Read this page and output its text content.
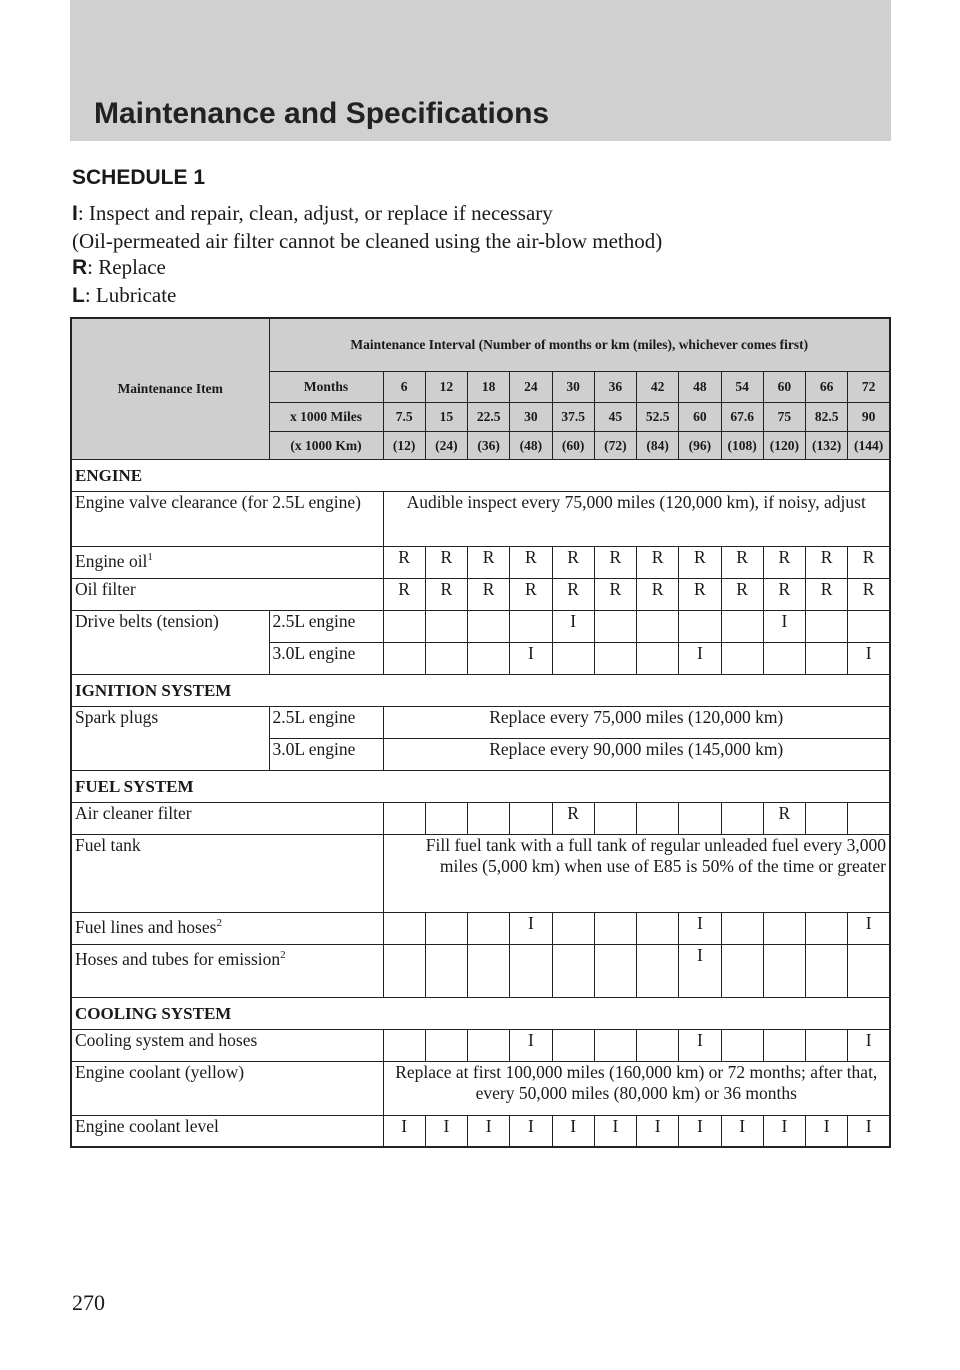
Maintenance and Specifications
SCHEDULE 1
I: Inspect and repair, clean, adjust, or replace if necessary
(Oil-permeated air filter cannot be cleaned using the air-blow method)
R: Replace
L: Lubricate
Maintenance Item	Maintenance Interval (Number of months or km (miles), whichever comes first)												
	Months	6	12	18	24	30	36	42	48	54	60	66	72
	x 1000 Miles	7.5	15	22.5	30	37.5	45	52.5	60	67.6	75	82.5	90
	(x 1000 Km)	(12)	(24)	(36)	(48)	(60)	(72)	(84)	(96)	(108)	(120)	(132)	(144)
ENGINE													
Engine valve clearance (for 2.5L engine)		Audible inspect every 75,000 miles (120,000 km), if noisy, adjust											
Engine oil$^1$		R	R	R	R	R	R	R	R	R	R	R	R
Oil filter		R	R	R	R	R	R	R	R	R	R	R	R
Drive belts (tension)	2.5L engine					I					I		
	3.0L engine				I				I				I
IGNITION SYSTEM													
Spark plugs	2.5L engine	Replace every 75,000 miles (120,000 km)											
	3.0L engine	Replace every 90,000 miles (145,000 km)											
FUEL SYSTEM													
Air cleaner filter						R					R		
Fuel tank		Fill fuel tank with a full tank of regular unleaded fuel every 3,000 miles (5,000 km) when use of E85 is 50% of the time or greater											
Fuel lines and hoses$^2$					I				I				I
Hoses and tubes for emission$^2$									I				
COOLING SYSTEM													
Cooling system and hoses					I				I				I
Engine coolant (yellow)		Replace at first 100,000 miles (160,000 km) or 72 months; after that, every 50,000 miles (80,000 km) or 36 months											
Engine coolant level		I	I	I	I	I	I	I	I	I	I	I	I
270
